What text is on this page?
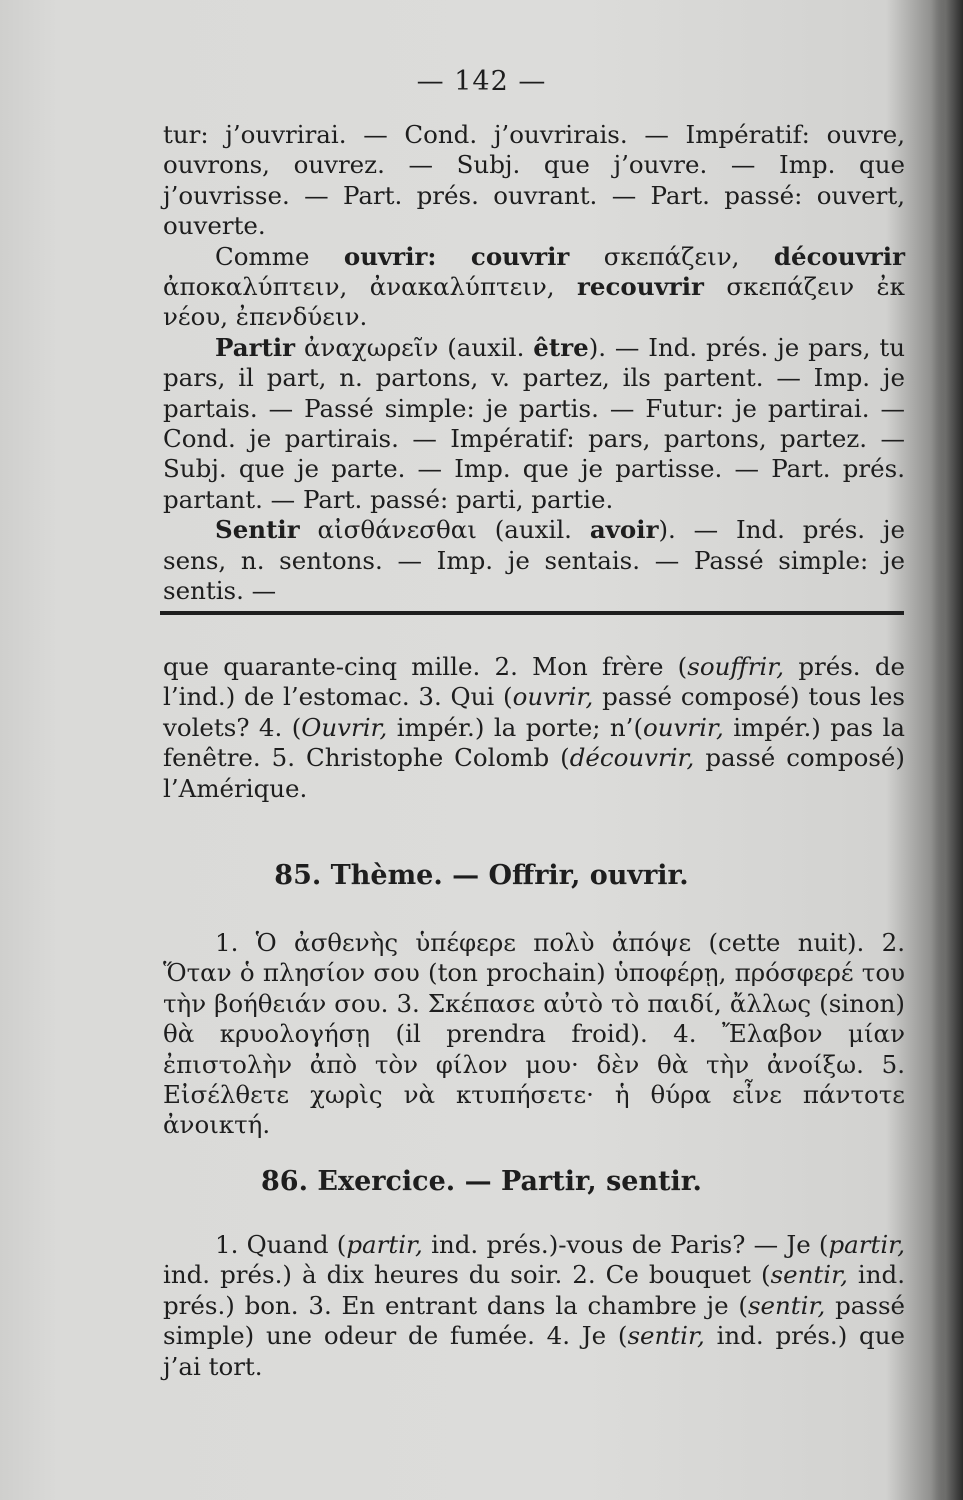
— 142 —

tur: j’ouvrirai. — Cond. j’ouvrirais. — Impératif: ouvre, ouvrons, ouvrez. — Subj. que j’ouvre. — Imp. que j’ouvrisse. — Part. prés. ouvrant. — Part. passé: ouvert, ouverte.

Comme ouvrir: couvrir σκεπάζειν, découvrir ἀποκαλύπτειν, ἀνακαλύπτειν, recouvrir σκεπάζειν ἐκ νέου, ἐπενδύειν.

Partir ἀναχωρεῖν (auxil. être). — Ind. prés. je pars, tu pars, il part, n. partons, v. partez, ils partent. — Imp. je partais. — Passé simple: je partis. — Futur: je partirai. — Cond. je partirais. — Impératif: pars, partons, partez. — Subj. que je parte. — Imp. que je partisse. — Part. prés. partant. — Part. passé: parti, partie.

Sentir αἰσθάνεσθαι (auxil. avoir). — Ind. prés. je sens, n. sentons. — Imp. je sentais. — Passé simple: je sentis. —

que quarante-cinq mille. 2. Mon frère (souffrir, prés. de l’ind.) de l’estomac. 3. Qui (ouvrir, passé composé) tous les volets? 4. (Ouvrir, impér.) la porte; n’(ouvrir, impér.) pas la fenêtre. 5. Christophe Colomb (découvrir, passé composé) l’Amérique.

85. Thème. — Offrir, ouvrir.

1. Ὁ ἀσθενὴς ὑπέφερε πολὺ ἀπόψε (cette nuit). 2. Ὅταν ὁ πλησίον σου (ton prochain) ὑποφέρῃ, πρόσφερέ του τὴν βοήθειάν σου. 3. Σκέπασε αὐτὸ τὸ παιδί, ἄλλως (sinon) θὰ κρυολογήσῃ (il prendra froid). 4. Ἔλαβον μίαν ἐπιστολὴν ἀπὸ τὸν φίλον μου· δὲν θὰ τὴν ἀνοίξω. 5. Εἰσέλθετε χωρὶς νὰ κτυπήσετε· ἡ θύρα εἶνε πάντοτε ἀνοικτή.

86. Exercice. — Partir, sentir.

1. Quand (partir, ind. prés.)-vous de Paris? — Je (partir, ind. prés.) à dix heures du soir. 2. Ce bouquet (sentir, ind. prés.) bon. 3. En entrant dans la chambre je (sentir, passé simple) une odeur de fumée. 4. Je (sentir, ind. prés.) que j’ai tort.
